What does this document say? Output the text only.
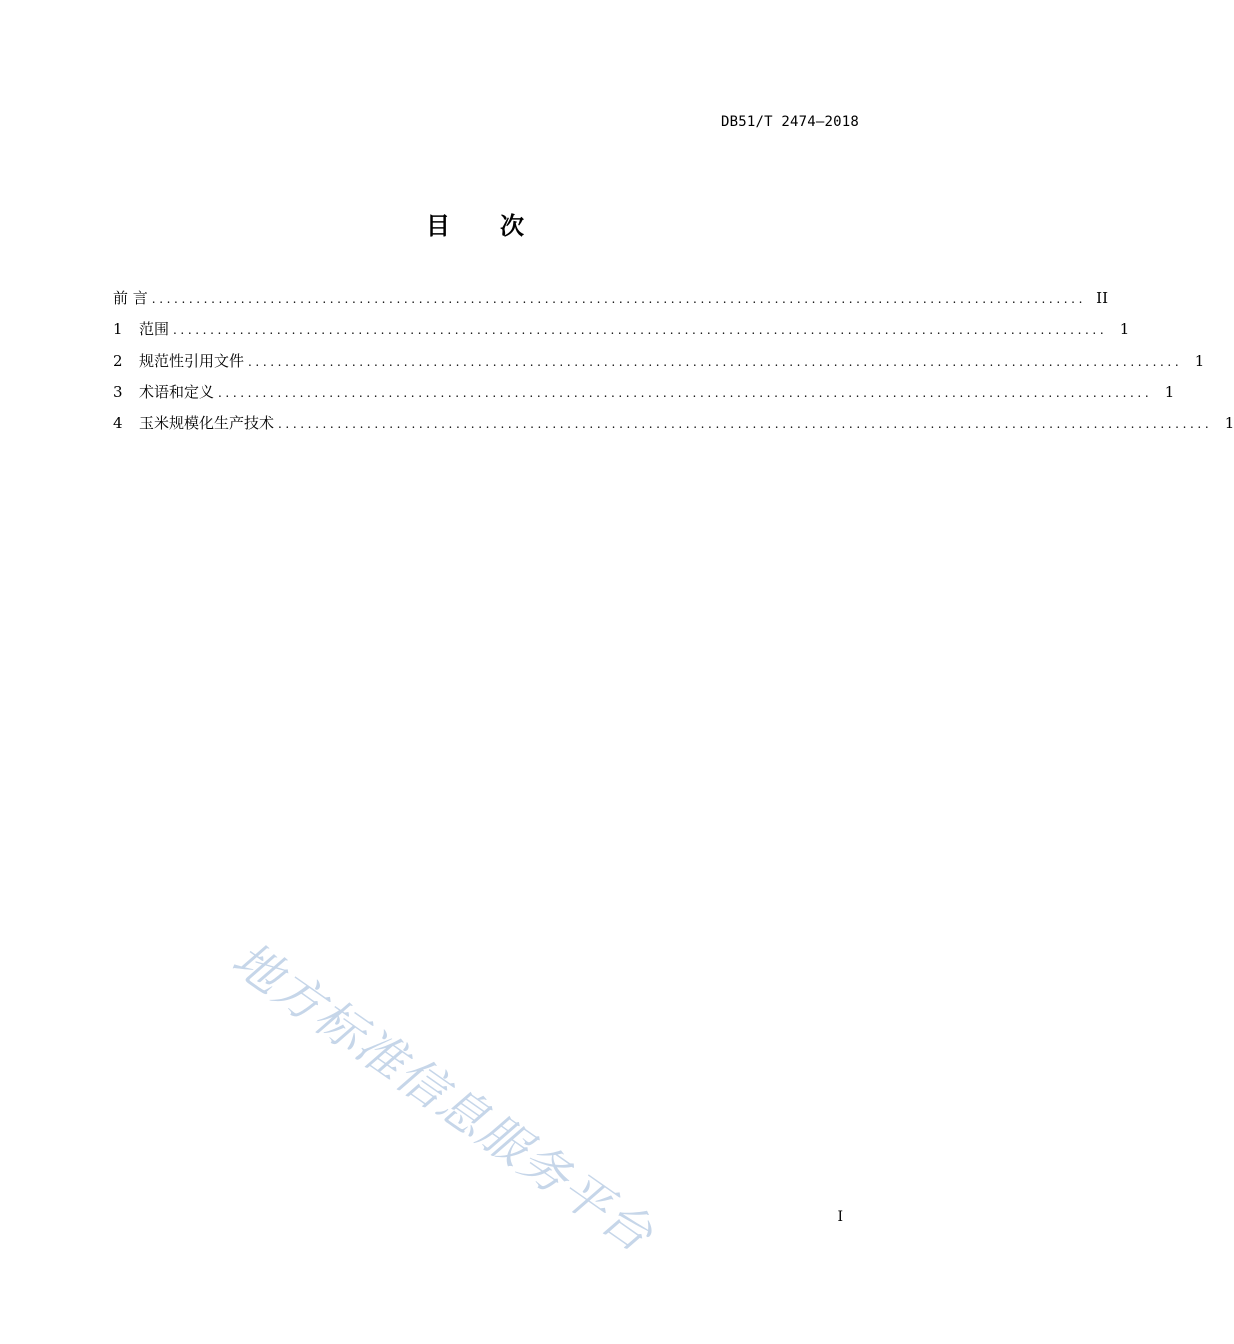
DB51/T 2474—2018
目 次
前 言 .............................................................................................................................. II
1	范围 .............................................................................................................................. 1
2	规范性引用文件 .............................................................................................................................. 1
3	术语和定义 .............................................................................................................................. 1
4	玉米规模化生产技术 .............................................................................................................................. 1
地方标准信息服务平台	I
